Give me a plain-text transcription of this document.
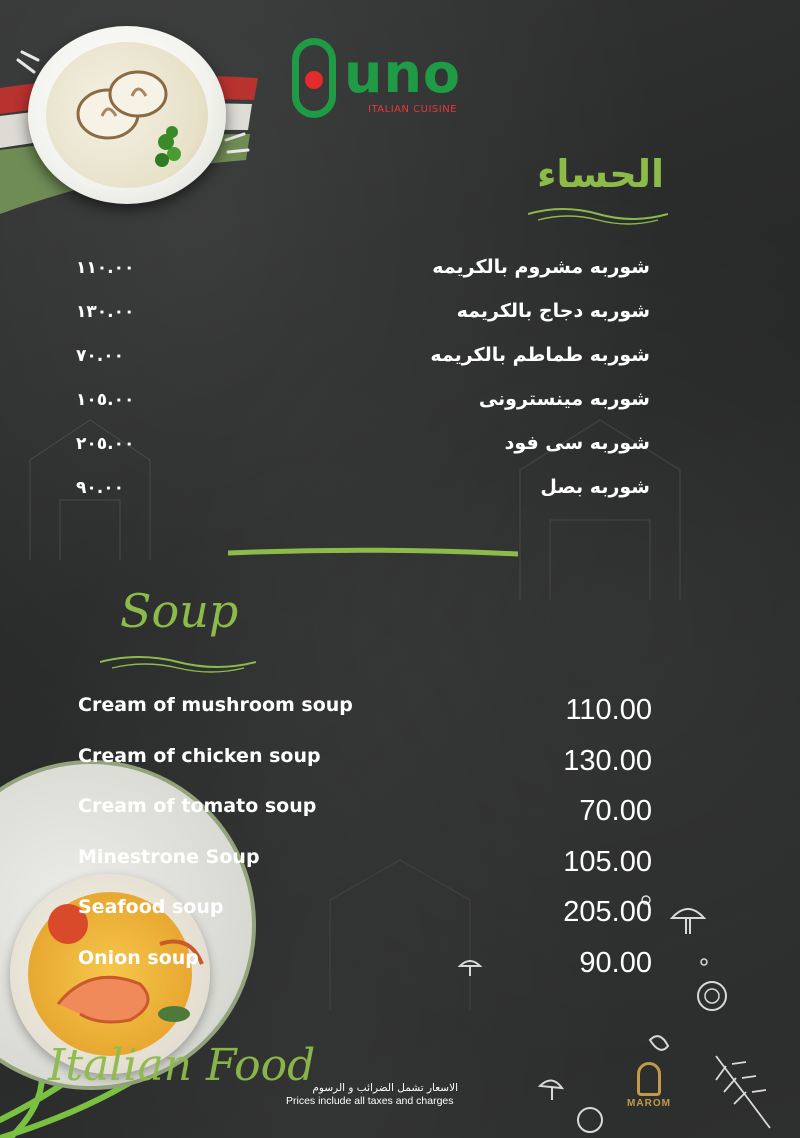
uno
ITALIAN CUISINE
الحساء
شوربه مشروم بالكريمه
١١٠.٠٠
شوربه دجاج بالكريمه
١٣٠.٠٠
شوربه طماطم بالكريمه
٧٠.٠٠
شوربه مينسترونى
١٠٥.٠٠
شوربه سى فود
٢٠٥.٠٠
شوربه بصل
٩٠.٠٠
Soup
Cream of mushroom soup	110.00
Cream of chicken soup	130.00
Cream of tomato soup	70.00
Minestrone Soup	105.00
Seafood soup	205.00
Onion soup	90.00
Italian Food
الاسعار تشمل الضرائب و الرسوم
Prices include all taxes and charges	MAROM
